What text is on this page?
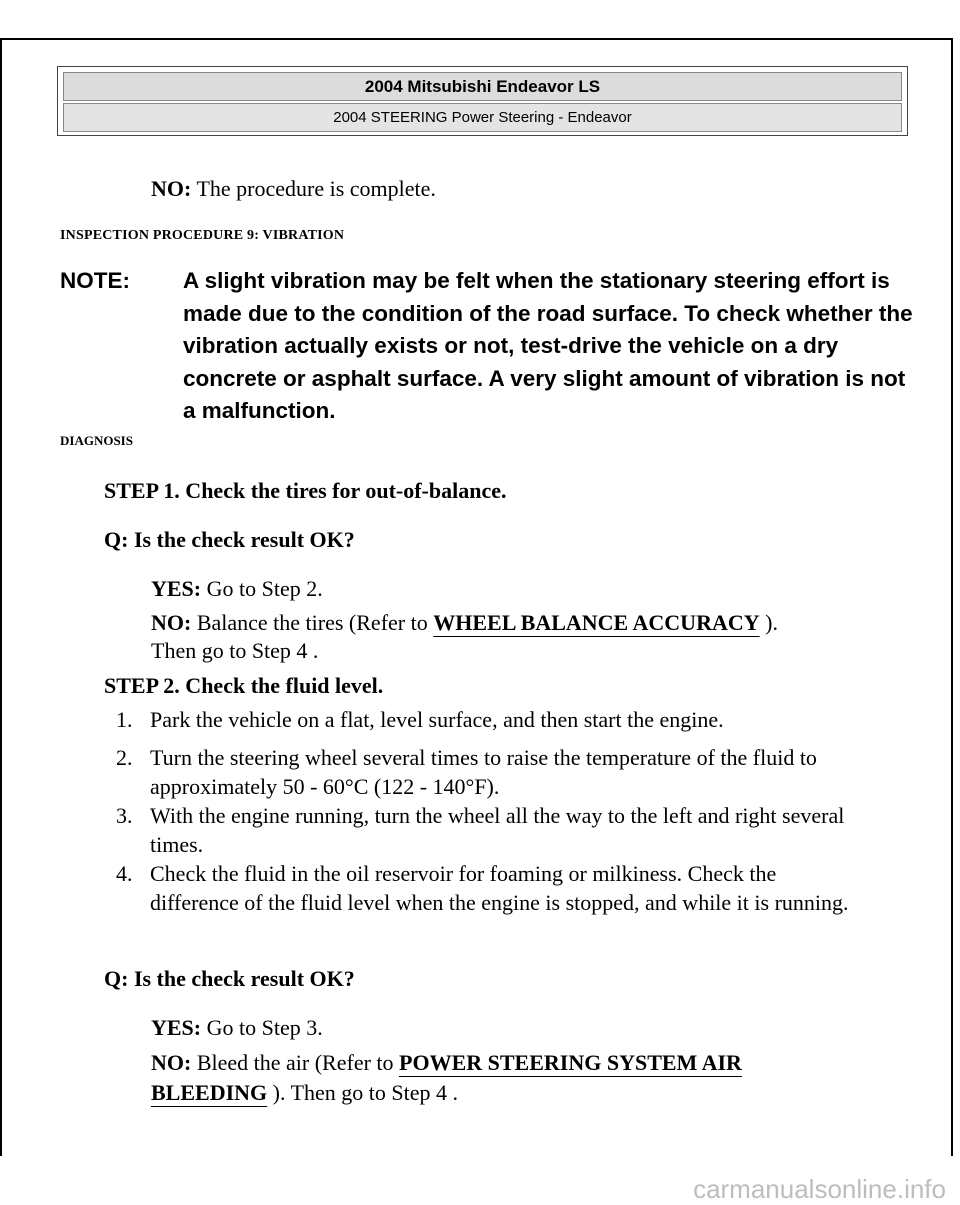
2004 Mitsubishi Endeavor LS
2004 STEERING Power Steering - Endeavor
NO: The procedure is complete.
INSPECTION PROCEDURE 9: VIBRATION
NOTE: A slight vibration may be felt when the stationary steering effort is made due to the condition of the road surface. To check whether the vibration actually exists or not, test-drive the vehicle on a dry concrete or asphalt surface. A very slight amount of vibration is not a malfunction.
DIAGNOSIS
STEP 1. Check the tires for out-of-balance.
Q: Is the check result OK?
YES: Go to Step 2.
NO: Balance the tires (Refer to WHEEL BALANCE ACCURACY ).
Then go to Step 4 .
STEP 2. Check the fluid level.
1. Park the vehicle on a flat, level surface, and then start the engine.
2. Turn the steering wheel several times to raise the temperature of the fluid to approximately 50 - 60°C (122 - 140°F).
3. With the engine running, turn the wheel all the way to the left and right several times.
4. Check the fluid in the oil reservoir for foaming or milkiness. Check the difference of the fluid level when the engine is stopped, and while it is running.
Q: Is the check result OK?
YES: Go to Step 3.
NO: Bleed the air (Refer to POWER STEERING SYSTEM AIR
BLEEDING ). Then go to Step 4 .
carmanualsonline.info
